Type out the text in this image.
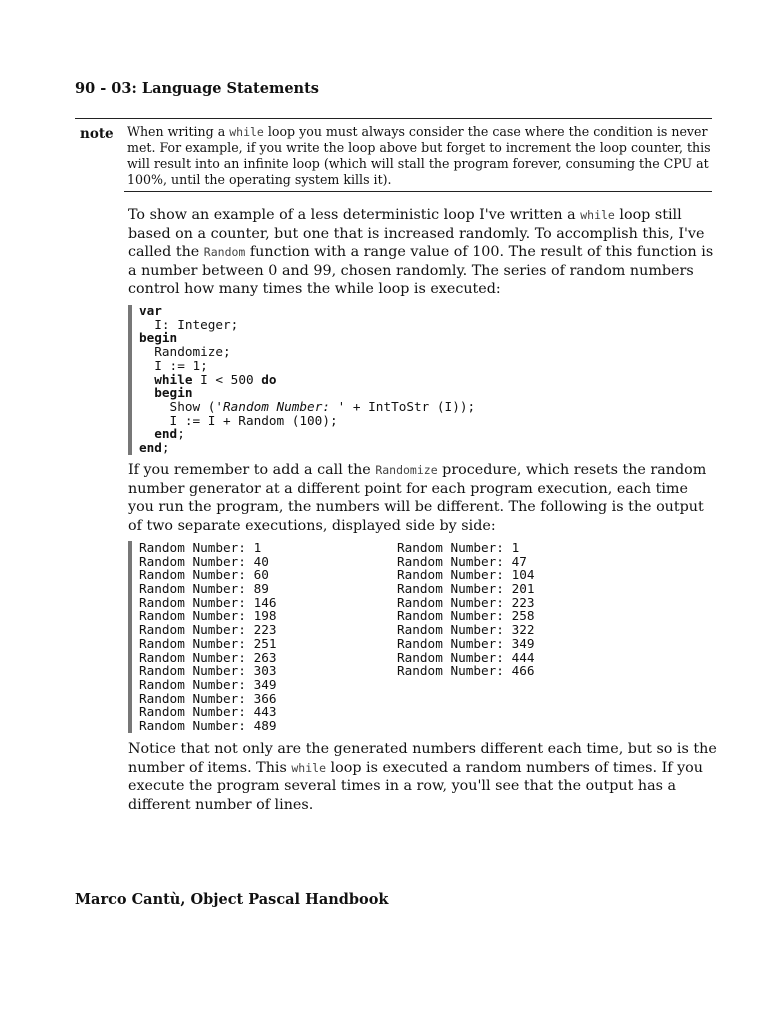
90 - 03: Language Statements
note When writing a while loop you must always consider the case where the condition is never met. For example, if you write the loop above but forget to increment the loop counter, this will result into an infinite loop (which will stall the program forever, consuming the CPU at 100%, until the operating system kills it).
To show an example of a less deterministic loop I've written a while loop still based on a counter, but one that is increased randomly. To accomplish this, I've called the Random function with a range value of 100. The result of this function is a number between 0 and 99, chosen randomly. The series of random numbers control how many times the while loop is executed:
var
I: Integer;
begin
Randomize;
I := 1;
while I < 500 do
begin
Show ('Random Number: ' + IntToStr (I));
I := I + Random (100);
end;
end;
If you remember to add a call the Randomize procedure, which resets the random number generator at a different point for each program execution, each time you run the program, the numbers will be different. The following is the output of two separate executions, displayed side by side:
Random Number: 1
Random Number: 40
Random Number: 60
Random Number: 89
Random Number: 146
Random Number: 198
Random Number: 223
Random Number: 251
Random Number: 263
Random Number: 303
Random Number: 349
Random Number: 366
Random Number: 443
Random Number: 489
Random Number: 1
Random Number: 47
Random Number: 104
Random Number: 201
Random Number: 223
Random Number: 258
Random Number: 322
Random Number: 349
Random Number: 444
Random Number: 466
Notice that not only are the generated numbers different each time, but so is the number of items. This while loop is executed a random numbers of times. If you execute the program several times in a row, you'll see that the output has a different number of lines.
Marco Cantù, Object Pascal Handbook
